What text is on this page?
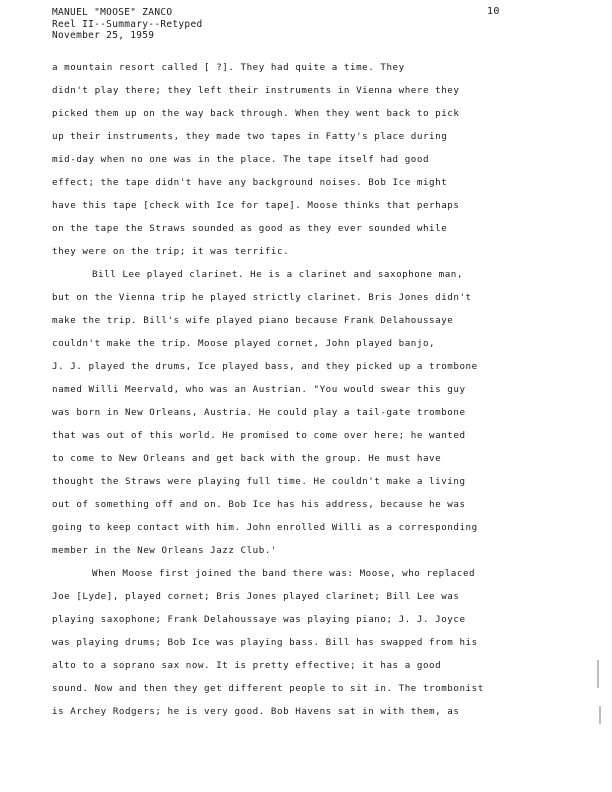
MANUEL "MOOSE" ZANCO
Reel II--Summary--Retyped
November 25, 1959
10
a mountain resort called [ ?]. They had quite a time. They
didn't play there; they left their instruments in Vienna where they
picked them up on the way back through. When they went back to pick
up their instruments, they made two tapes in Fatty's place during
mid-day when no one was in the place. The tape itself had good
effect; the tape didn't have any background noises. Bob Ice might
have this tape [check with Ice for tape]. Moose thinks that perhaps
on the tape the Straws sounded as good as they ever sounded while
they were on the trip; it was terrific.
Bill Lee played clarinet. He is a clarinet and saxophone man,
but on the Vienna trip he played strictly clarinet. Bris Jones didn't
make the trip. Bill's wife played piano because Frank Delahoussaye
couldn't make the trip. Moose played cornet, John played banjo,
J. J. played the drums, Ice played bass, and they picked up a trombone
named Willi Meervald, who was an Austrian. "You would swear this guy
was born in New Orleans, Austria. He could play a tail-gate trombone
that was out of this world. He promised to come over here; he wanted
to come to New Orleans and get back with the group. He must have
thought the Straws were playing full time. He couldn't make a living
out of something off and on. Bob Ice has his address, because he was
going to keep contact with him. John enrolled Willi as a corresponding
member in the New Orleans Jazz Club.'
When Moose first joined the band there was: Moose, who replaced
Joe [Lyde], played cornet; Bris Jones played clarinet; Bill Lee was
playing saxophone; Frank Delahoussaye was playing piano; J. J. Joyce
was playing drums; Bob Ice was playing bass. Bill has swapped from his
alto to a soprano sax now. It is pretty effective; it has a good
sound. Now and then they get different people to sit in. The trombonist
is Archey Rodgers; he is very good. Bob Havens sat in with them, as
